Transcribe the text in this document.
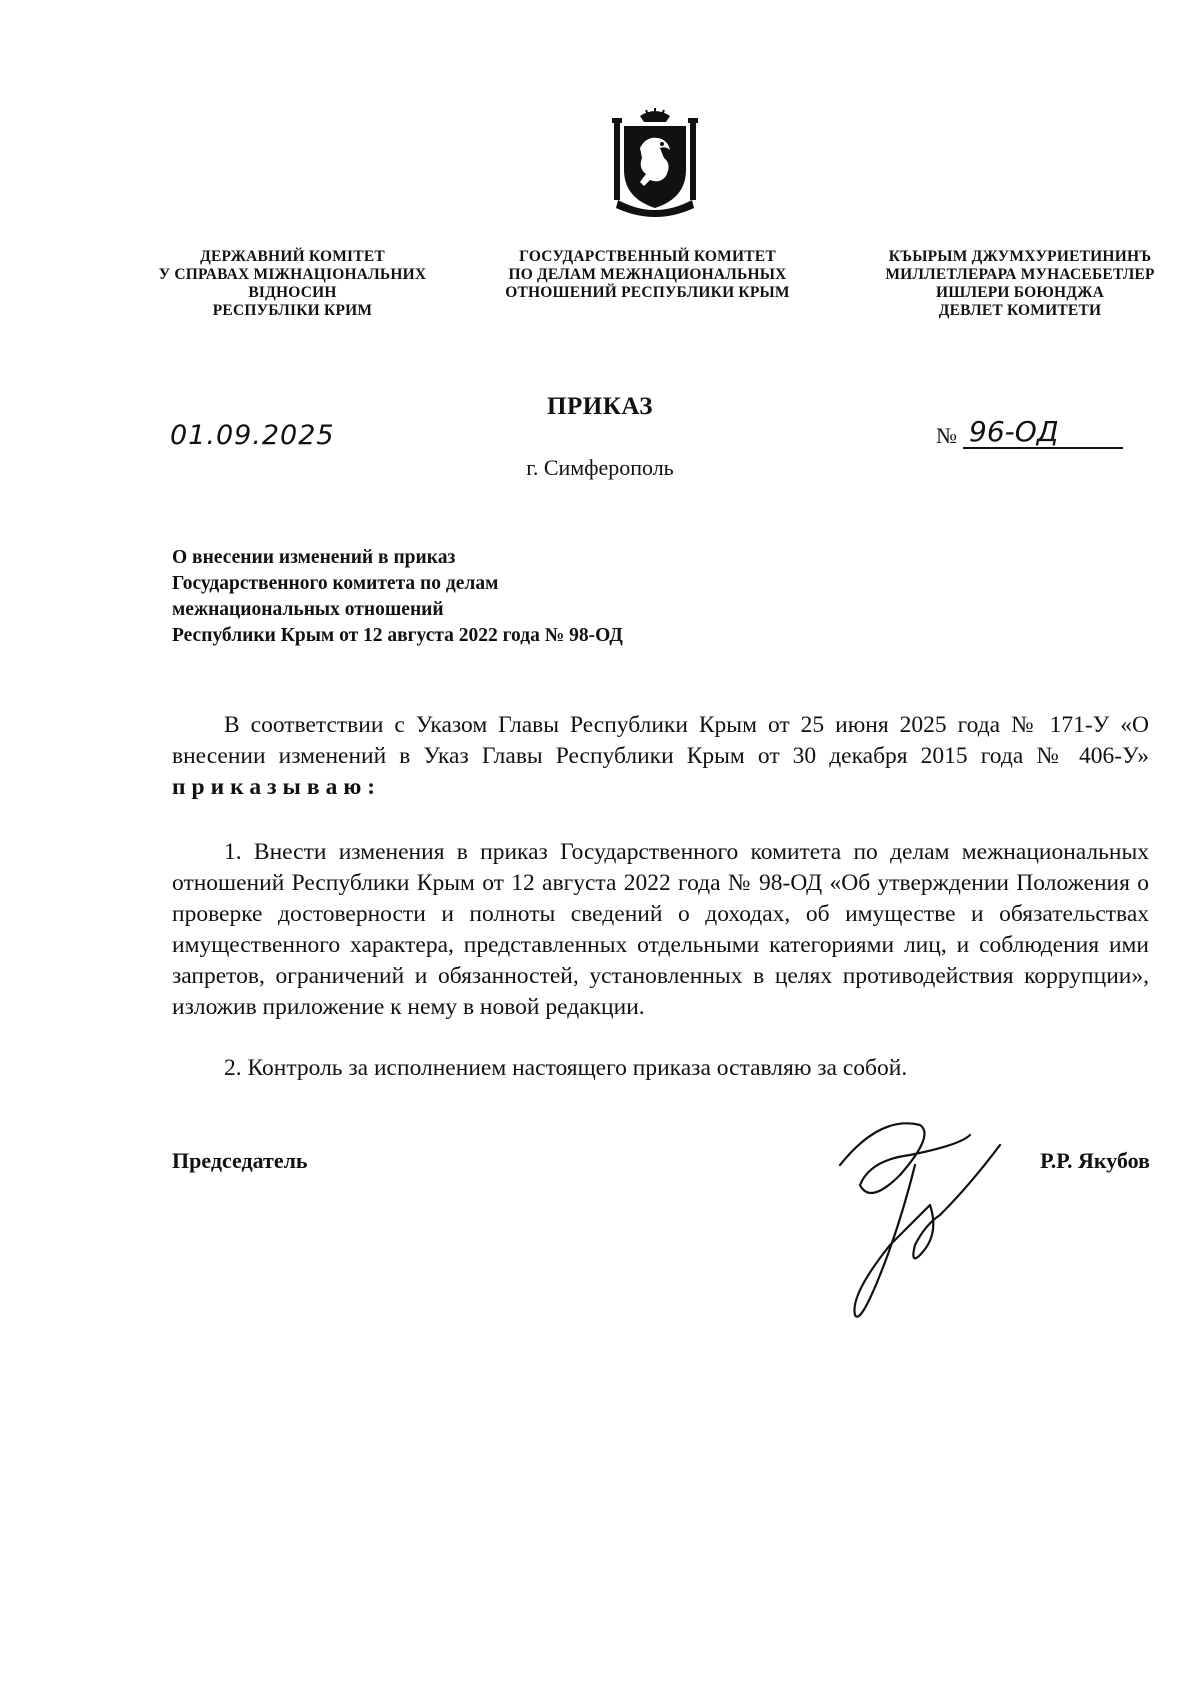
ДЕРЖАВНИЙ КОМІТЕТ
У СПРАВАХ МІЖНАЦІОНАЛЬНИХ
ВІДНОСИН
РЕСПУБЛІКИ КРИМ
ГОСУДАРСТВЕННЫЙ КОМИТЕТ
ПО ДЕЛАМ МЕЖНАЦИОНАЛЬНЫХ
ОТНОШЕНИЙ РЕСПУБЛИКИ КРЫМ
КЪЫРЫМ ДЖУМХУРИЕТИНИНЪ
МИЛЛЕТЛЕРАРА МУНАСЕБЕТЛЕР
ИШЛЕРИ БОЮНДЖА
ДЕВЛЕТ КОМИТЕТИ
ПРИКАЗ
01.09.2025	№ 96-ОД
г. Симферополь
О внесении изменений в приказ
Государственного комитета по делам
межнациональных отношений
Республики Крым от 12 августа 2022 года № 98-ОД

В соответствии с Указом Главы Республики Крым от 25 июня 2025 года № 171-У «О внесении изменений в Указ Главы Республики Крым от 30 декабря 2015 года № 406-У» приказываю:

1. Внести изменения в приказ Государственного комитета по делам межнациональных отношений Республики Крым от 12 августа 2022 года № 98-ОД «Об утверждении Положения о проверке достоверности и полноты сведений о доходах, об имуществе и обязательствах имущественного характера, представленных отдельными категориями лиц, и соблюдения ими запретов, ограничений и обязанностей, установленных в целях противодействия коррупции», изложив приложение к нему в новой редакции.

2. Контроль за исполнением настоящего приказа оставляю за собой.

Председатель	Р.Р. Якубов
